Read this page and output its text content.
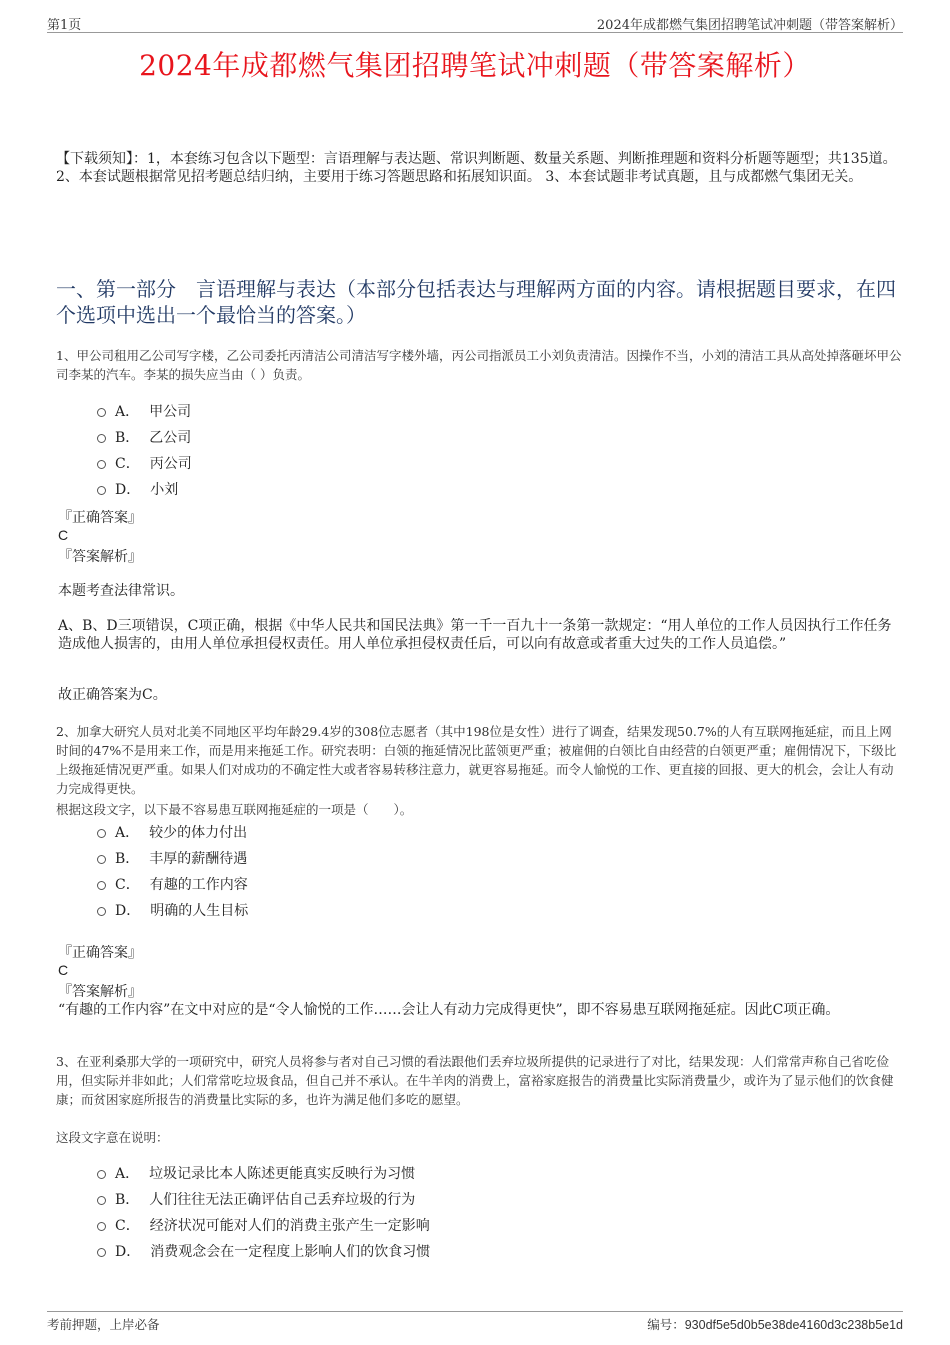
第1页	2024年成都燃气集团招聘笔试冲刺题（带答案解析）
2024年成都燃气集团招聘笔试冲刺题（带答案解析）
【下载须知】：1，本套练习包含以下题型：言语理解与表达题、常识判断题、数量关系题、判断推理题和资料分析题等题型；共135道。 2、本套试题根据常见招考题总结归纳，主要用于练习答题思路和拓展知识面。 3、本套试题非考试真题，且与成都燃气集团无关。
一、第一部分　言语理解与表达（本部分包括表达与理解两方面的内容。请根据题目要求，在四个选项中选出一个最恰当的答案。）
1、甲公司租用乙公司写字楼，乙公司委托丙清洁公司清洁写字楼外墙，丙公司指派员工小刘负责清洁。因操作不当，小刘的清洁工具从高处掉落砸坏甲公司李某的汽车。李某的损失应当由（ ）负责。
A． 甲公司
B． 乙公司
C． 丙公司
D． 小刘
『正确答案』
C
『答案解析』
本题考查法律常识。
A、B、D三项错误，C项正确，根据《中华人民共和国民法典》第一千一百九十一条第一款规定：“用人单位的工作人员因执行工作任务造成他人损害的，由用人单位承担侵权责任。用人单位承担侵权责任后，可以向有故意或者重大过失的工作人员追偿。”
故正确答案为C。
2、加拿大研究人员对北美不同地区平均年龄29.4岁的308位志愿者（其中198位是女性）进行了调查，结果发现50.7%的人有互联网拖延症，而且上网时间的47%不是用来工作，而是用来拖延工作。研究表明：白领的拖延情况比蓝领更严重；被雇佣的白领比自由经营的白领更严重；雇佣情况下，下级比上级拖延情况更严重。如果人们对成功的不确定性大或者容易转移注意力，就更容易拖延。而令人愉悦的工作、更直接的回报、更大的机会，会让人有动力完成得更快。
根据这段文字，以下最不容易患互联网拖延症的一项是（　　）。
A． 较少的体力付出
B． 丰厚的薪酬待遇
C． 有趣的工作内容
D． 明确的人生目标
『正确答案』
C
『答案解析』
“有趣的工作内容”在文中对应的是“令人愉悦的工作……会让人有动力完成得更快”，即不容易患互联网拖延症。因此C项正确。
3、在亚利桑那大学的一项研究中，研究人员将参与者对自己习惯的看法跟他们丢弃垃圾所提供的记录进行了对比，结果发现：人们常常声称自己省吃俭用，但实际并非如此；人们常常吃垃圾食品，但自己并不承认。在牛羊肉的消费上，富裕家庭报告的消费量比实际消费量少，或许为了显示他们的饮食健康；而贫困家庭所报告的消费量比实际的多，也许为满足他们多吃的愿望。
这段文字意在说明：
A． 垃圾记录比本人陈述更能真实反映行为习惯
B． 人们往往无法正确评估自己丢弃垃圾的行为
C． 经济状况可能对人们的消费主张产生一定影响
D． 消费观念会在一定程度上影响人们的饮食习惯
考前押题，上岸必备	编号：930df5e5d0b5e38de4160d3c238b5e1d
